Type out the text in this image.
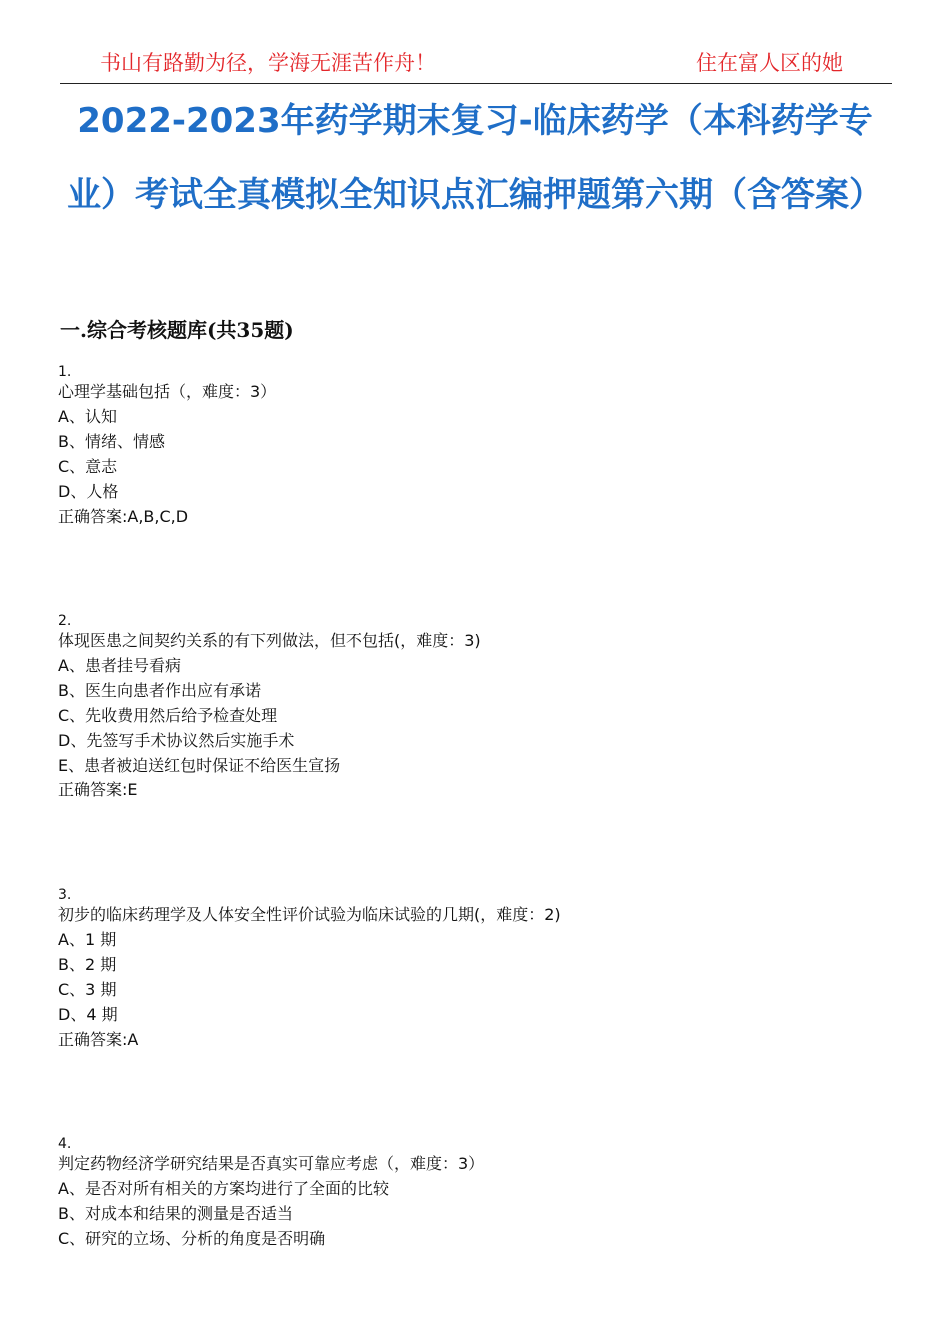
书山有路勤为径，学海无涯苦作舟！	住在富人区的她
2022-2023年药学期末复习-临床药学（本科药学专业）考试全真模拟全知识点汇编押题第六期（含答案）
一.综合考核题库(共35题)
1.
心理学基础包括（，难度：3）
A、认知
B、情绪、情感
C、意志
D、人格
正确答案:A,B,C,D
2.
体现医患之间契约关系的有下列做法，但不包括(，难度：3)
A、患者挂号看病
B、医生向患者作出应有承诺
C、先收费用然后给予检查处理
D、先签写手术协议然后实施手术
E、患者被迫送红包时保证不给医生宣扬
正确答案:E
3.
初步的临床药理学及人体安全性评价试验为临床试验的几期(，难度：2)
A、1 期
B、2 期
C、3 期
D、4 期
正确答案:A
4.
判定药物经济学研究结果是否真实可靠应考虑（，难度：3）
A、是否对所有相关的方案均进行了全面的比较
B、对成本和结果的测量是否适当
C、研究的立场、分析的角度是否明确
